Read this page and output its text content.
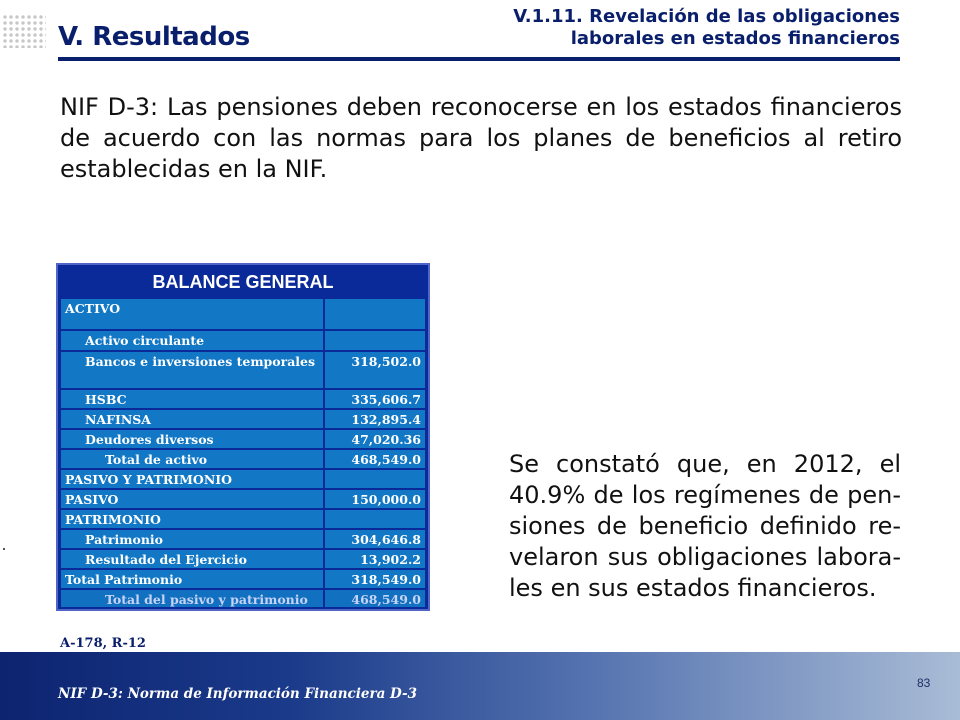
V. Resultados
V.1.11. Revelación de las obligaciones
laborales en estados financieros
NIF D-3: Las pensiones deben reconocerse en los estados financieros de acuerdo con las normas para los planes de beneficios al retiro establecidas en la NIF.
BALANCE GENERAL
ACTIVO
Activo circulante
Bancos e inversiones temporales	318,502.0
HSBC	335,606.7
NAFINSA	132,895.4
Deudores diversos	47,020.36
Total de activo	468,549.0
PASIVO Y PATRIMONIO
PASIVO	150,000.0
PATRIMONIO
Patrimonio	304,646.8
Resultado del Ejercicio	13,902.2
Total Patrimonio	318,549.0
Total del pasivo y patrimonio	468,549.0
A-178, R-12
Se constató que, en 2012, el 40.9% de los regímenes de pen- siones de beneficio definido re- velaron sus obligaciones labora- les en sus estados financieros.
NIF D-3: Norma de Información Financiera D-3
83
